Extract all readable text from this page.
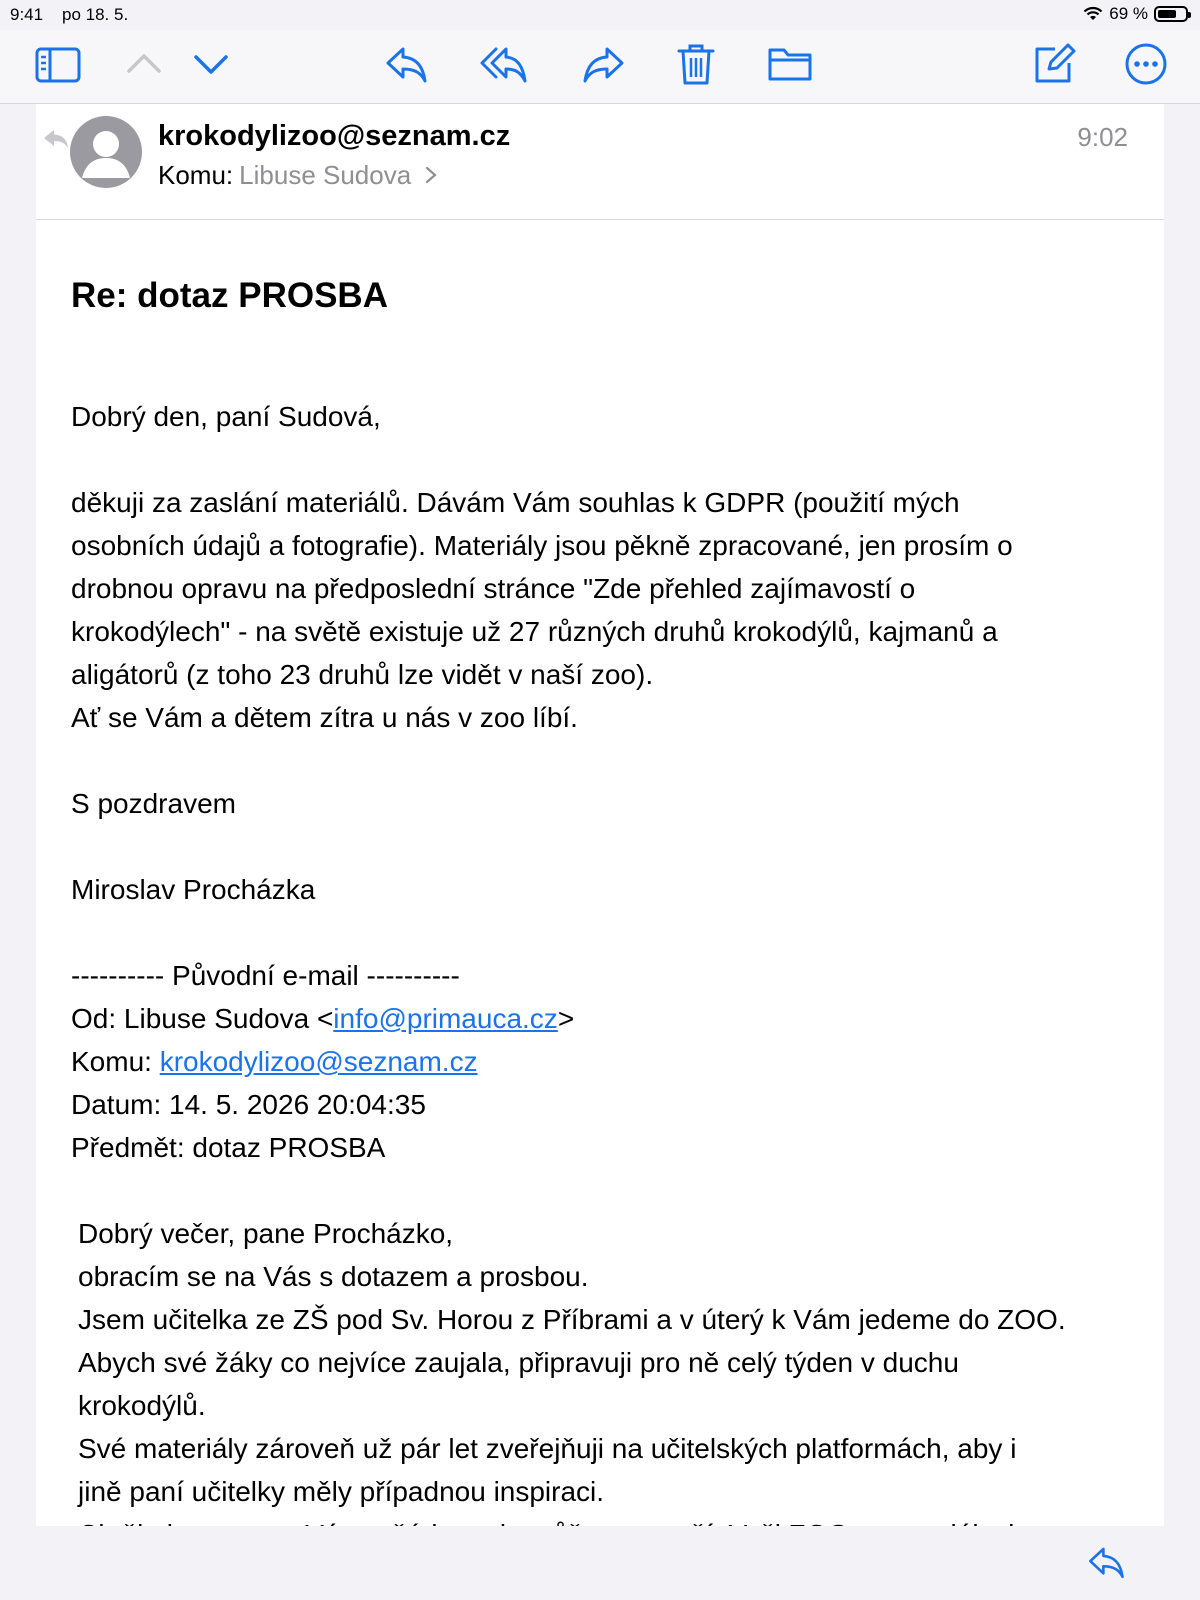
9:41 po 18. 5.	69 %
krokodylizoo@seznam.cz
Komu: Libuse Sudova
9:02
Re: dotaz PROSBA

Dobrý den, paní Sudová,

děkuji za zaslání materiálů. Dávám Vám souhlas k GDPR (použití mých

osobních údajů a fotografie). Materiály jsou pěkně zpracované, jen prosím o

drobnou opravu na předposlední stránce "Zde přehled zajímavostí o

krokodýlech" - na světě existuje už 27 různých druhů krokodýlů, kajmanů a

aligátorů (z toho 23 druhů lze vidět v naší zoo).

Ať se Vám a dětem zítra u nás v zoo líbí.

S pozdravem

Miroslav Procházka

---------- Původní e-mail ----------

Od: Libuse Sudova <info@primauca.cz>

Komu: krokodylizoo@seznam.cz

Datum: 14. 5. 2026 20:04:35

Předmět: dotaz PROSBA

Dobrý večer, pane Procházko,

obracím se na Vás s dotazem a prosbou.

Jsem učitelka ze ZŠ pod Sv. Horou z Příbrami a v úterý k Vám jedeme do ZOO.

Abych své žáky co nejvíce zaujala, připravuji pro ně celý týden v duchu

krokodýlů.

Své materiály zároveň už pár let zveřejňuji na učitelských platformách, aby i

jině paní učitelky měly případnou inspiraci.
